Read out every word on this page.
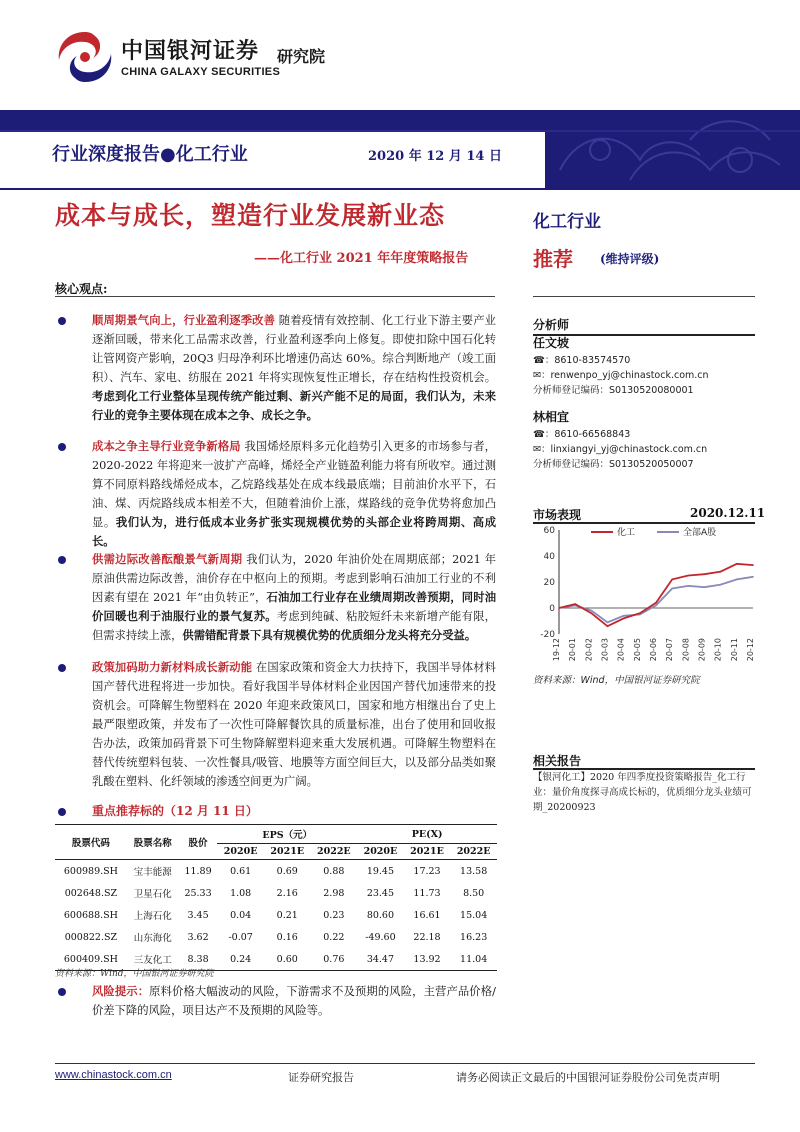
中国银河证券 研究院
CHINA GALAXY SECURITIES
行业深度报告●化工行业	2020 年 12 月 14 日
成本与成长，塑造行业发展新业态
——化工行业 2021 年年度策略报告
化工行业
推荐 (维持评级)
核心观点:
顺周期景气向上，行业盈利逐季改善 随着疫情有效控制、化工行业下游主要产业逐渐回暖，带来化工品需求改善，行业盈利逐季向上修复。即使扣除中国石化转让管网资产影响，20Q3 归母净利环比增速仍高达 60%。综合判断地产（竣工面积）、汽车、家电、纺服在 2021 年将实现恢复性正增长，存在结构性投资机会。考虑到化工行业整体呈现传统产能过剩、新兴产能不足的局面，我们认为，未来行业的竞争主要体现在成本之争、成长之争。
成本之争主导行业竞争新格局 我国烯烃原料多元化趋势引入更多的市场参与者，2020-2022 年将迎来一波扩产高峰，烯烃全产业链盈利能力将有所收窄。通过测算不同原料路线烯烃成本，乙烷路线基处在成本线最底端；目前油价水平下，石油、煤、丙烷路线成本相差不大，但随着油价上涨，煤路线的竞争优势将愈加凸显。我们认为，进行低成本业务扩张实现规模优势的头部企业将跨周期、高成长。
供需边际改善酝酿景气新周期 我们认为，2020 年油价处在周期底部；2021 年原油供需边际改善，油价存在中枢向上的预期。考虑到影响石油加工行业的不利因素有望在 2021 年“由负转正”，石油加工行业存在业绩周期改善预期，同时油价回暖也利于油服行业的景气复苏。考虑到纯碱、粘胶短纤未来新增产能有限，但需求持续上涨，供需错配背景下具有规模优势的优质细分龙头将充分受益。
政策加码助力新材料成长新动能 在国家政策和资金大力扶持下，我国半导体材料国产替代进程将进一步加快。看好我国半导体材料企业因国产替代加速带来的投资机会。可降解生物塑料在 2020 年迎来政策风口，国家和地方相继出台了史上最严限塑政策，并发布了一次性可降解餐饮具的质量标准，出台了使用和回收报告办法，政策加码背景下可生物降解塑料迎来重大发展机遇。可降解生物塑料在替代传统塑料包装、一次性餐具/吸管、地膜等方面空间巨大，以及部分品类如聚乳酸在塑料、化纤领域的渗透空间更为广阔。
重点推荐标的（12 月 11 日）
股票代码	股票名称	股价	EPS（元）			PE(X)		
			2020E	2021E	2022E	2020E	2021E	2022E
600989.SH	宝丰能源	11.89	0.61	0.69	0.88	19.45	17.23	13.58
002648.SZ	卫星石化	25.33	1.08	2.16	2.98	23.45	11.73	8.50
600688.SH	上海石化	3.45	0.04	0.21	0.23	80.60	16.61	15.04
000822.SZ	山东海化	3.62	-0.07	0.16	0.22	-49.60	22.18	16.23
600409.SH	三友化工	8.38	0.24	0.60	0.76	34.47	13.92	11.04
资料来源：Wind，中国银河证券研究院
风险提示：原料价格大幅波动的风险，下游需求不及预期的风险，主营产品价格/价差下降的风险，项目达产不及预期的风险等。
分析师
任文坡
☎：8610-83574570
✉：renwenpo_yj@chinastock.com.cn
分析师登记编码：S0130520080001
林相宜
☎：8610-66568843
✉：linxiangyi_yj@chinastock.com.cn
分析师登记编码：S0130520050007
市场表现	2020.12.11
60
40
20
0
-20
19-12 20-01 20-02 20-03 20-04 20-05 20-06 20-07 20-08 20-09 20-10 20-11 20-12
化工	全部A股
资料来源：Wind，中国银河证券研究院
相关报告
【银河化工】2020 年四季度投资策略报告_化工行业：量价角度探寻高成长标的，优质细分龙头业绩可期_20200923
www.chinastock.com.cn	证券研究报告	请务必阅读正文最后的中国银河证券股份公司免责声明
